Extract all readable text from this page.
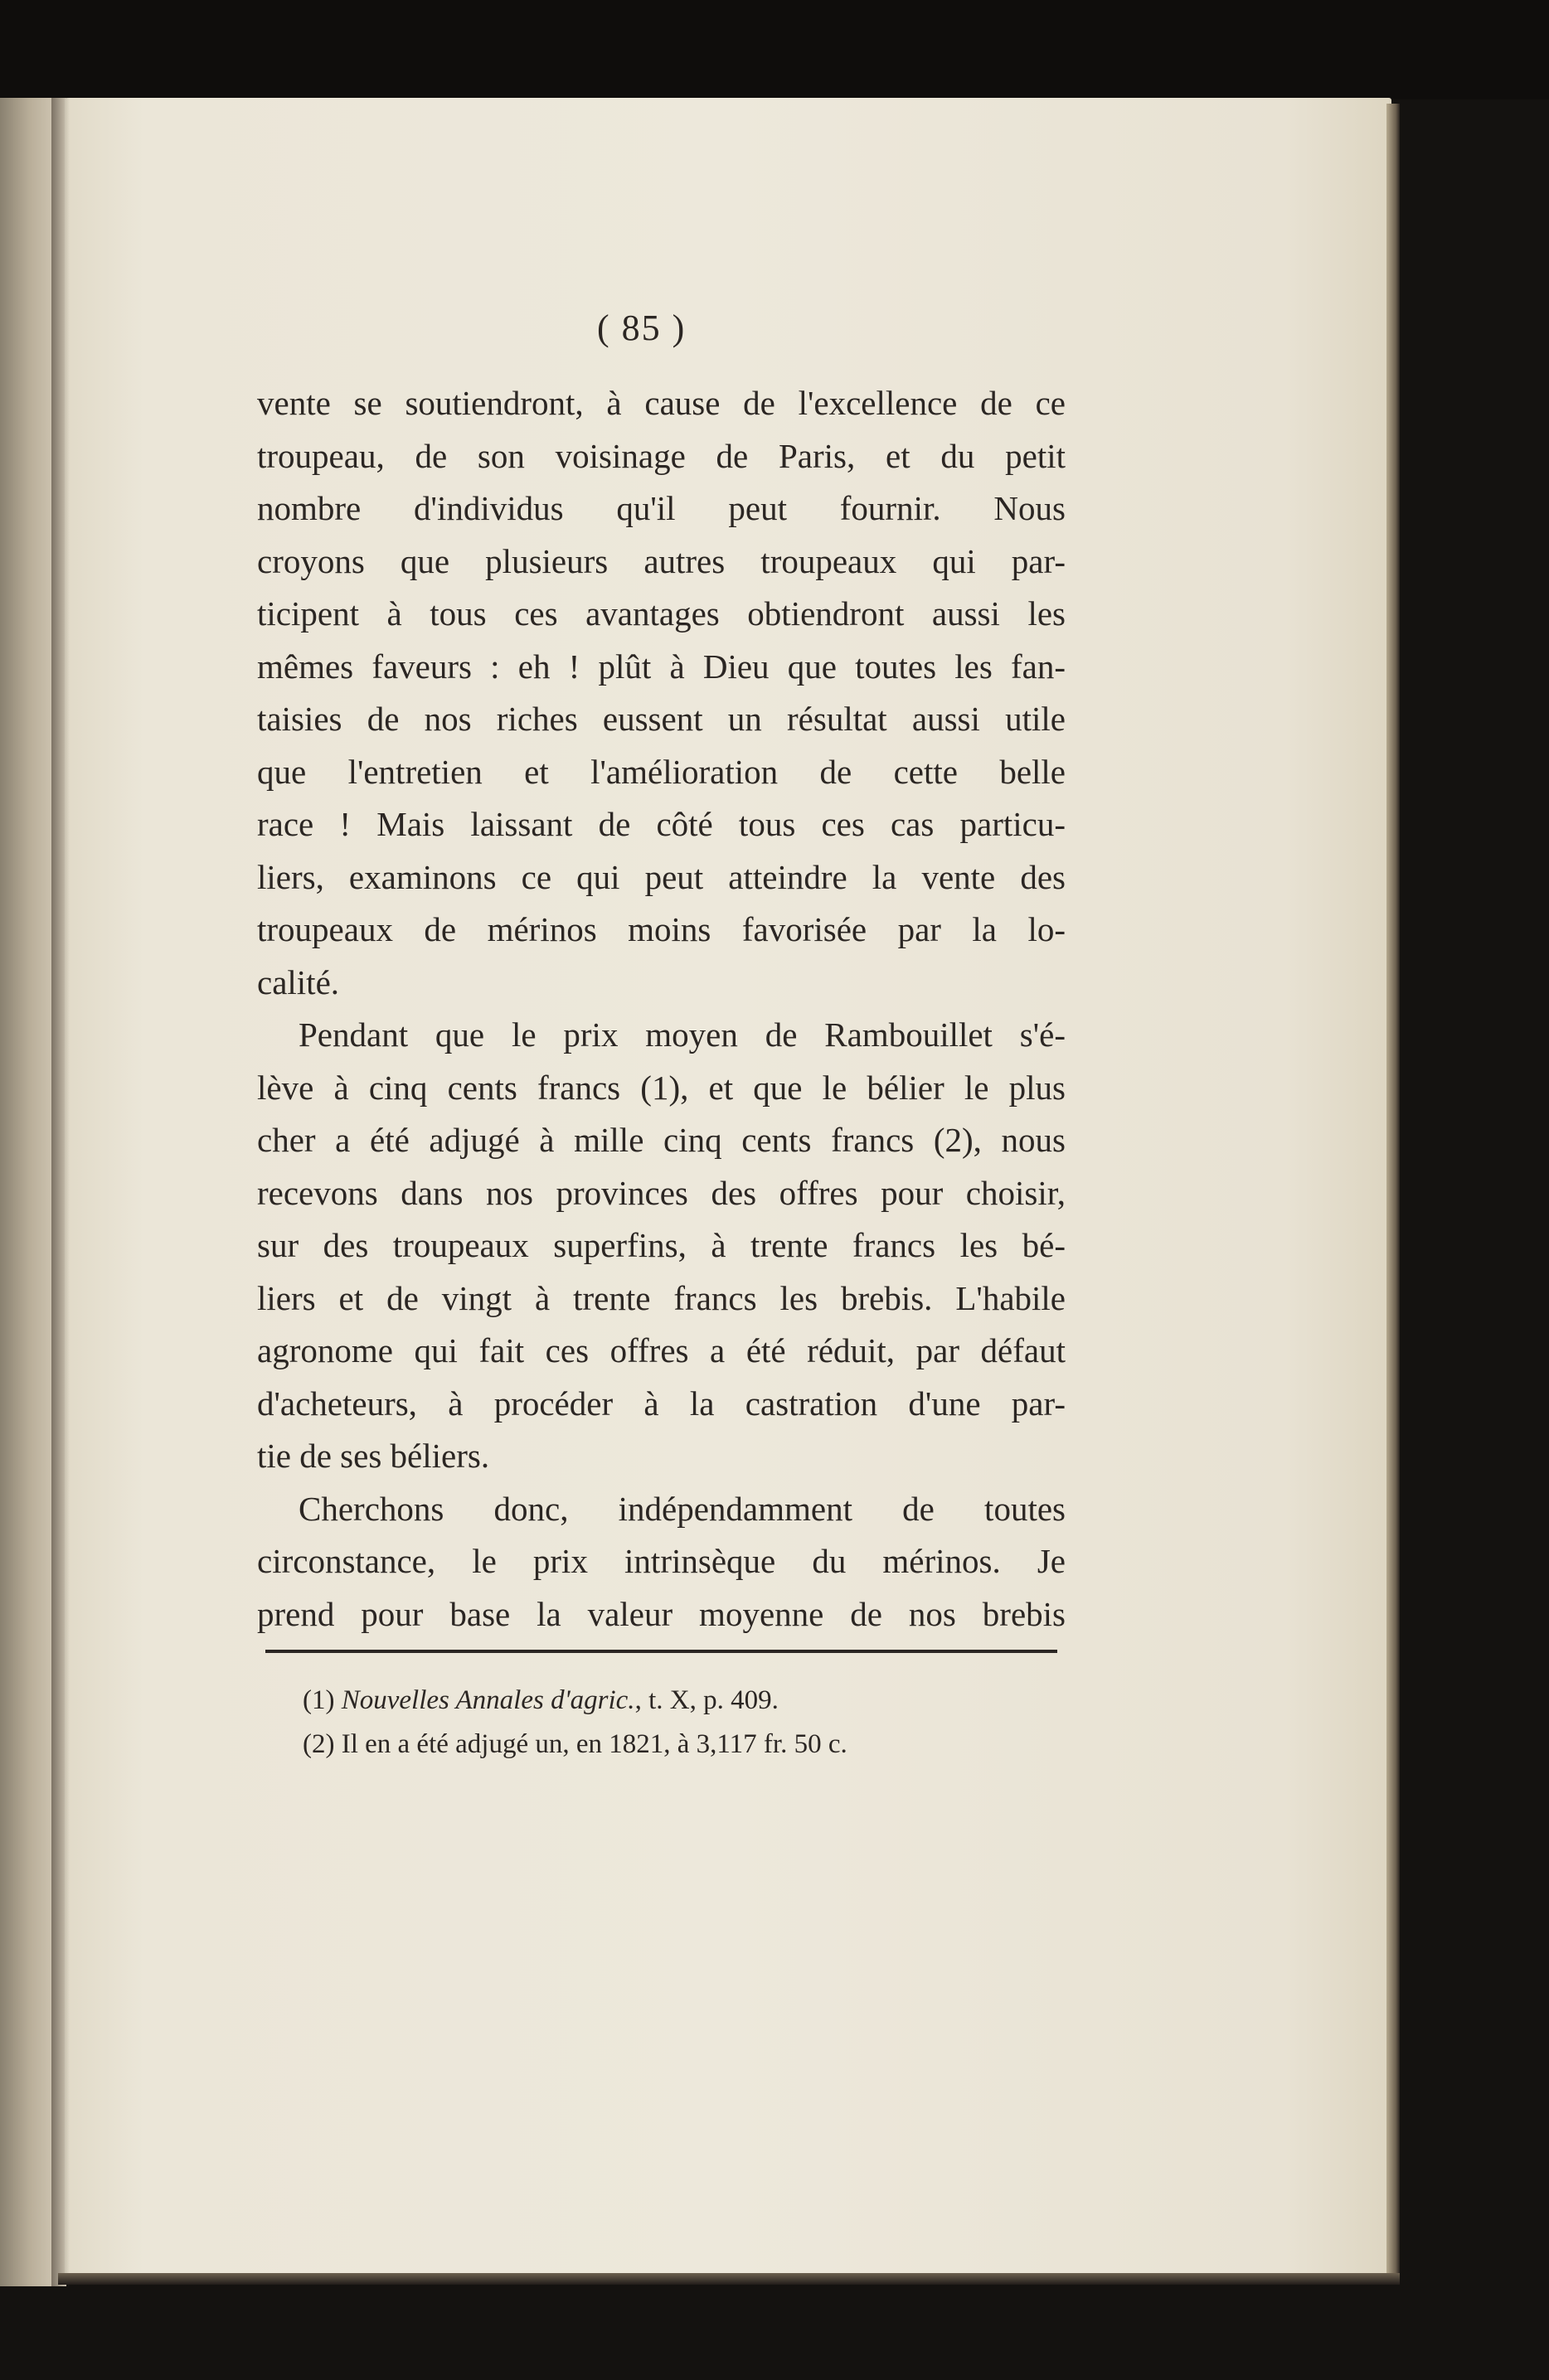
( 85 )

vente se soutiendront, à cause de l'excellence de ce
troupeau, de son voisinage de Paris, et du petit
nombre d'individus qu'il peut fournir. Nous
croyons que plusieurs autres troupeaux qui par-
ticipent à tous ces avantages obtiendront aussi les
mêmes faveurs : eh ! plût à Dieu que toutes les fan-
taisies de nos riches eussent un résultat aussi utile
que l'entretien et l'amélioration de cette belle
race ! Mais laissant de côté tous ces cas particu-
liers, examinons ce qui peut atteindre la vente des
troupeaux de mérinos moins favorisée par la lo-
calité.

Pendant que le prix moyen de Rambouillet s'é-
lève à cinq cents francs (1), et que le bélier le plus
cher a été adjugé à mille cinq cents francs (2), nous
recevons dans nos provinces des offres pour choisir,
sur des troupeaux superfins, à trente francs les bé-
liers et de vingt à trente francs les brebis. L'habile
agronome qui fait ces offres a été réduit, par défaut
d'acheteurs, à procéder à la castration d'une par-
tie de ses béliers.

Cherchons donc, indépendamment de toutes
circonstance, le prix intrinsèque du mérinos. Je
prend pour base la valeur moyenne de nos brebis

(1) Nouvelles Annales d'agric., t. X, p. 409.
(2) Il en a été adjugé un, en 1821, à 3,117 fr. 50 c.
